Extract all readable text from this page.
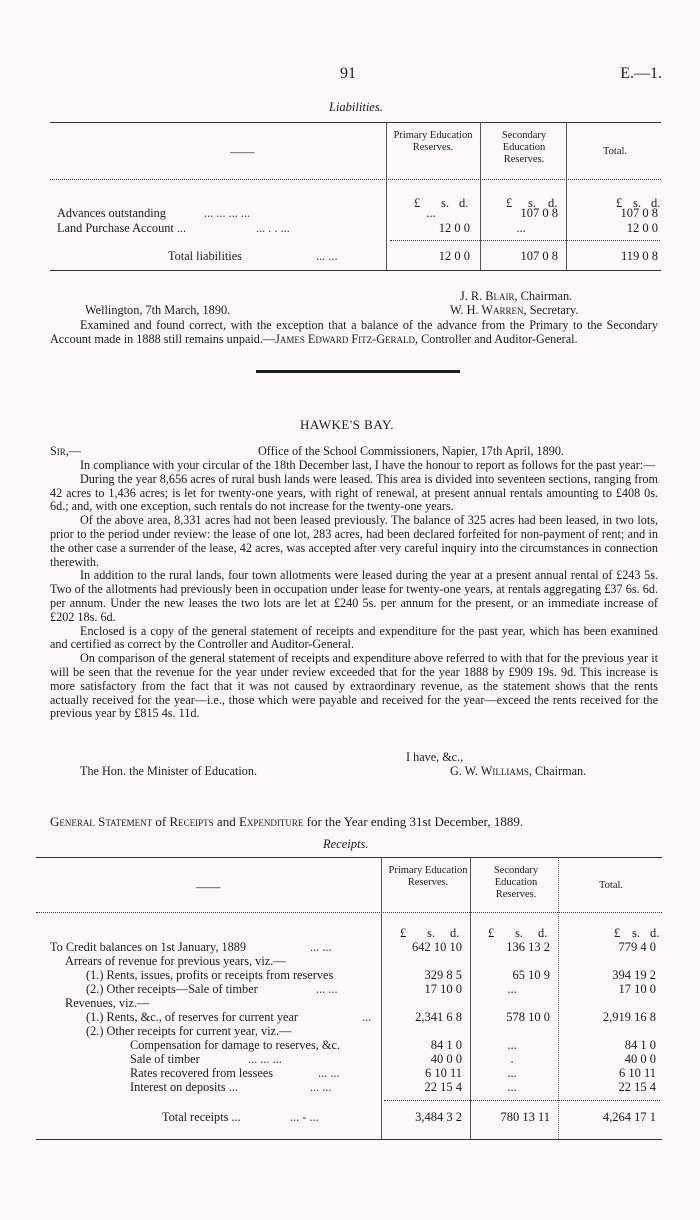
91	E.—1.
Liabilities.
——
Primary Education Reserves.
Secondary Education Reserves.
Total.
£ s. d.	£ s. d.	£ s. d.
Advances outstanding	... ... ... ...	...	107 0 8	107 0 8
Land Purchase Account ...	... . . ...	12 0 0	...	12 0 0
Total liabilities	... ...	12 0 0	107 0 8	119 0 8
J. R. Blair, Chairman.
Wellington, 7th March, 1890.	W. H. Warren, Secretary.

Examined and found correct, with the exception that a balance of the advance from the Primary to the Secondary Account made in 1888 still remains unpaid.—James Edward Fitz-Gerald, Controller and Auditor-General.

HAWKE'S BAY.
Sir,—	Office of the School Commissioners, Napier, 17th April, 1890.

In compliance with your circular of the 18th December last, I have the honour to report as follows for the past year:—

During the year 8,656 acres of rural bush lands were leased. This area is divided into seventeen sections, ranging from 42 acres to 1,436 acres; is let for twenty-one years, with right of renewal, at present annual rentals amounting to £408 0s. 6d.; and, with one exception, such rentals do not increase for the twenty-one years.

Of the above area, 8,331 acres had not been leased previously. The balance of 325 acres had been leased, in two lots, prior to the period under review: the lease of one lot, 283 acres, had been declared forfeited for non-payment of rent; and in the other case a surrender of the lease, 42 acres, was accepted after very careful inquiry into the circumstances in connection therewith.

In addition to the rural lands, four town allotments were leased during the year at a present annual rental of £243 5s. Two of the allotments had previously been in occupation under lease for twenty-one years, at rentals aggregating £37 6s. 6d. per annum. Under the new leases the two lots are let at £240 5s. per annum for the present, or an immediate increase of £202 18s. 6d.

Enclosed is a copy of the general statement of receipts and expenditure for the past year, which has been examined and certified as correct by the Controller and Auditor-General.

On comparison of the general statement of receipts and expenditure above referred to with that for the previous year it will be seen that the revenue for the year under review exceeded that for the year 1888 by £909 19s. 9d. This increase is more satisfactory from the fact that it was not caused by extraordinary revenue, as the statement shows that the rents actually received for the year—i.e., those which were payable and received for the year—exceed the rents received for the previous year by £815 4s. 11d.

I have, &c.,
The Hon. the Minister of Education.	G. W. Williams, Chairman.
General Statement of Receipts and Expenditure for the Year ending 31st December, 1889.
Receipts.
——
Primary Education Reserves.
Secondary Education Reserves.
Total.
£ s. d. £ s. d.	£ s. d.
To Credit balances on 1st January, 1889	... ...	642 10 10	136 13 2	779 4 0
Arrears of revenue for previous years, viz.—
(1.) Rents, issues, profits or receipts from reserves	329 8 5	65 10 9	394 19 2
(2.) Other receipts—Sale of timber	... ...	17 10 0	...	17 10 0
Revenues, viz.—
(1.) Rents, &c., of reserves for current year	...	2,341 6 8	578 10 0	2,919 16 8
(2.) Other receipts for current year, viz.—
Compensation for damage to reserves, &c.	84 1 0	...	84 1 0
Sale of timber	... ... ...	40 0 0	.	40 0 0
Rates recovered from lessees	... ...	6 10 11	...	6 10 11
Interest on deposits ...	... ...	22 15 4	...	22 15 4
Total receipts ...	... - ...	3,484 3 2	780 13 11	4,264 17 1
